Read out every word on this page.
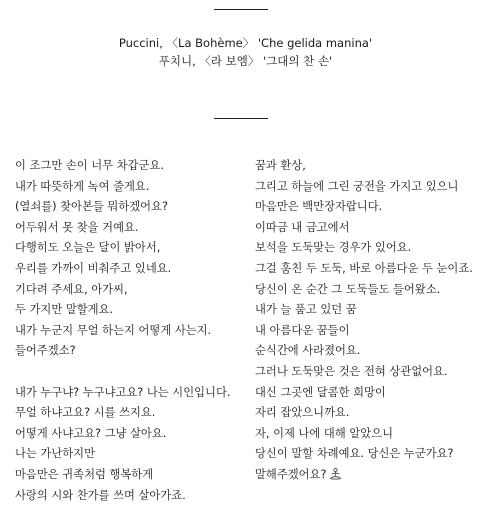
Puccini, 〈La Bohème〉 'Che gelida manina'
푸치니, 〈라 보엠〉 '그대의 찬 손'
이 조그만 손이 너무 차갑군요.
내가 따뜻하게 녹여 줄게요.
(열쇠를) 찾아본들 뭐하겠어요?
어두워서 못 찾을 거예요.
다행히도 오늘은 달이 밝아서,
우리를 가까이 비춰주고 있네요.
기다려 주세요, 아가씨,
두 가지만 말할게요.
내가 누군지 무얼 하는지 어떻게 사는지.
들어주겠소?
내가 누구냐? 누구냐고요? 나는 시인입니다.
무얼 하냐고요? 시를 쓰지요.
어떻게 사냐고요? 그냥 살아요.
나는 가난하지만
마음만은 귀족처럼 행복하게
사랑의 시와 찬가를 쓰며 살아가죠.
꿈과 환상,
그리고 하늘에 그린 궁전을 가지고 있으니
마음만은 백만장자랍니다.
이따금 내 금고에서
보석을 도둑맞는 경우가 있어요.
그걸 훔친 두 도둑, 바로 아름다운 두 눈이죠.
당신이 온 순간 그 도둑들도 들어왔소.
내가 늘 품고 있던 꿈
내 아름다운 꿈들이
순식간에 사라졌어요.
그러나 도둑맞은 것은 전혀 상관없어요.
대신 그곳엔 달콤한 희망이
자리 잡았으니까요.
자, 이제 나에 대해 알았으니
당신이 말할 차례예요. 당신은 누군가요?
말해주겠어요?
